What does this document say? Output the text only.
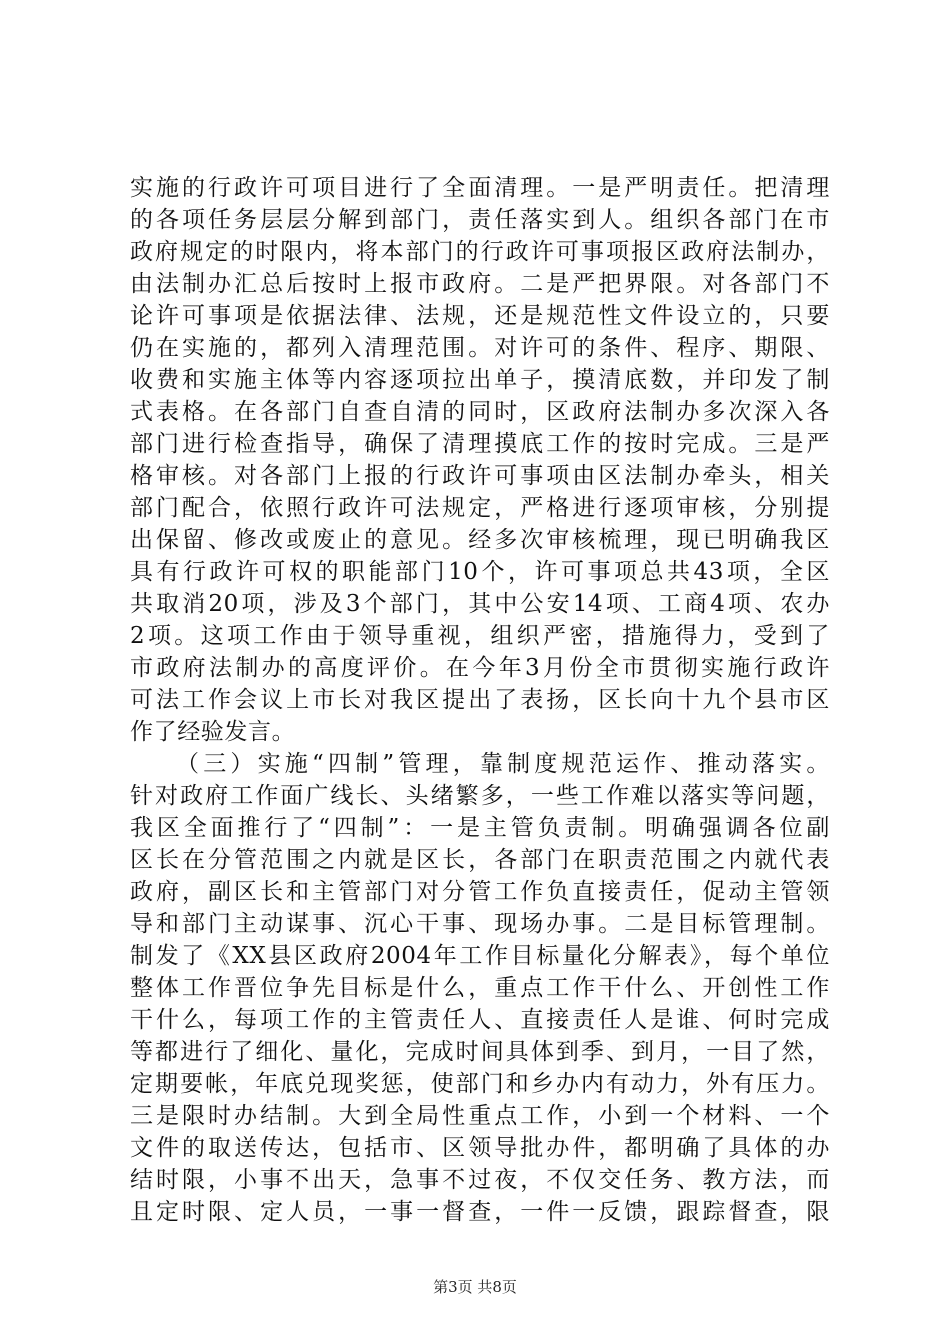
实施的行政许可项目进行了全面清理。一是严明责任。把清理
的各项任务层层分解到部门，责任落实到人。组织各部门在市
政府规定的时限内，将本部门的行政许可事项报区政府法制办，
由法制办汇总后按时上报市政府。二是严把界限。对各部门不
论许可事项是依据法律、法规，还是规范性文件设立的，只要
仍在实施的，都列入清理范围。对许可的条件、程序、期限、
收费和实施主体等内容逐项拉出单子，摸清底数，并印发了制
式表格。在各部门自查自清的同时，区政府法制办多次深入各
部门进行检查指导，确保了清理摸底工作的按时完成。三是严
格审核。对各部门上报的行政许可事项由区法制办牵头，相关
部门配合，依照行政许可法规定，严格进行逐项审核，分别提
出保留、修改或废止的意见。经多次审核梳理，现已明确我区
具有行政许可权的职能部门10个，许可事项总共43项，全区
共取消20项，涉及3个部门，其中公安14项、工商4项、农办
2项。这项工作由于领导重视，组织严密，措施得力，受到了
市政府法制办的高度评价。在今年3月份全市贯彻实施行政许
可法工作会议上市长对我区提出了表扬，区长向十九个县市区
作了经验发言。
（三）实施“四制”管理，靠制度规范运作、推动落实。
针对政府工作面广线长、头绪繁多，一些工作难以落实等问题，
我区全面推行了“四制”：一是主管负责制。明确强调各位副
区长在分管范围之内就是区长，各部门在职责范围之内就代表
政府，副区长和主管部门对分管工作负直接责任，促动主管领
导和部门主动谋事、沉心干事、现场办事。二是目标管理制。
制发了《XX县区政府2004年工作目标量化分解表》，每个单位
整体工作晋位争先目标是什么，重点工作干什么、开创性工作
干什么，每项工作的主管责任人、直接责任人是谁、何时完成
等都进行了细化、量化，完成时间具体到季、到月，一目了然，
定期要帐，年底兑现奖惩，使部门和乡办内有动力，外有压力。
三是限时办结制。大到全局性重点工作，小到一个材料、一个
文件的取送传达，包括市、区领导批办件，都明确了具体的办
结时限，小事不出天，急事不过夜，不仅交任务、教方法，而
且定时限、定人员，一事一督查，一件一反馈，跟踪督查，限
第3页 共8页
